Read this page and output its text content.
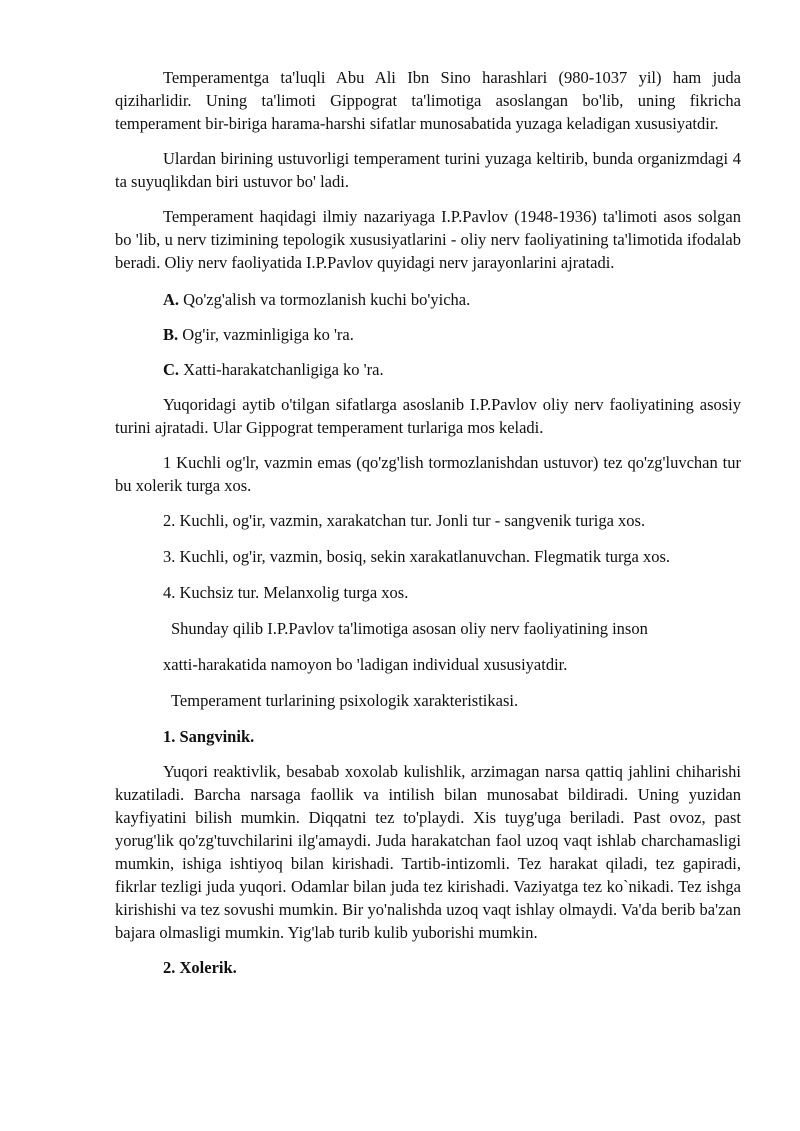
Temperamentga ta'luqli Abu Ali Ibn Sino harashlari (980-1037 yil) ham juda qiziharlidir. Uning ta'limoti Gippograt ta'limotiga asoslangan bo'lib, uning fikricha temperament bir-biriga harama-harshi sifatlar munosabatida yuzaga keladigan xususiyatdir.

Ulardan birining ustuvorligi temperament turini yuzaga keltirib, bunda organizmdagi 4 ta suyuqlikdan biri ustuvor bo' ladi.

Temperament haqidagi ilmiy nazariyaga I.P.Pavlov (1948-1936) ta'limoti asos solgan bo 'lib, u nerv tizimining tepologik xususiyatlarini - oliy nerv faoliyatining ta'limotida ifodalab beradi. Oliy nerv faoliyatida I.P.Pavlov quyidagi nerv jarayonlarini ajratadi.

A. Qo'zg'alish va tormozlanish kuchi bo'yicha.

B. Og'ir, vazminligiga ko 'ra.

C. Xatti-harakatchanligiga ko 'ra.

Yuqoridagi aytib o'tilgan sifatlarga asoslanib I.P.Pavlov oliy nerv faoliyatining asosiy turini ajratadi. Ular Gippograt temperament turlariga mos keladi.

1 Kuchli og'lr, vazmin emas (qo'zg'lish tormozlanishdan ustuvor) tez qo'zg'luvchan tur bu xolerik turga xos.

2. Kuchli, og'ir, vazmin, xarakatchan tur. Jonli tur - sangvenik turiga xos.

3. Kuchli, og'ir, vazmin, bosiq, sekin xarakatlanuvchan. Flegmatik turga xos.

4. Kuchsiz tur. Melanxolig turga xos.

Shunday qilib I.P.Pavlov ta'limotiga asosan oliy nerv faoliyatining inson

xatti-harakatida namoyon bo 'ladigan individual xususiyatdir.

Temperament turlarining psixologik xarakteristikasi.

1. Sangvinik.

Yuqori reaktivlik, besabab xoxolab kulishlik, arzimagan narsa qattiq jahlini chiharishi kuzatiladi. Barcha narsaga faollik va intilish bilan munosabat bildiradi. Uning yuzidan kayfiyatini bilish mumkin. Diqqatni tez to'playdi. Xis tuyg'uga beriladi. Past ovoz, past yorug'lik qo'zg'tuvchilarini ilg'amaydi. Juda harakatchan faol uzoq vaqt ishlab charchamasligi mumkin, ishiga ishtiyoq bilan kirishadi. Tartib-intizomli. Tez harakat qiladi, tez gapiradi, fikrlar tezligi juda yuqori. Odamlar bilan juda tez kirishadi. Vaziyatga tez ko`nikadi. Tez ishga kirishishi va tez sovushi mumkin. Bir yo'nalishda uzoq vaqt ishlay olmaydi. Va'da berib ba'zan bajara olmasligi mumkin. Yig'lab turib kulib yuborishi mumkin.

2. Xolerik.
